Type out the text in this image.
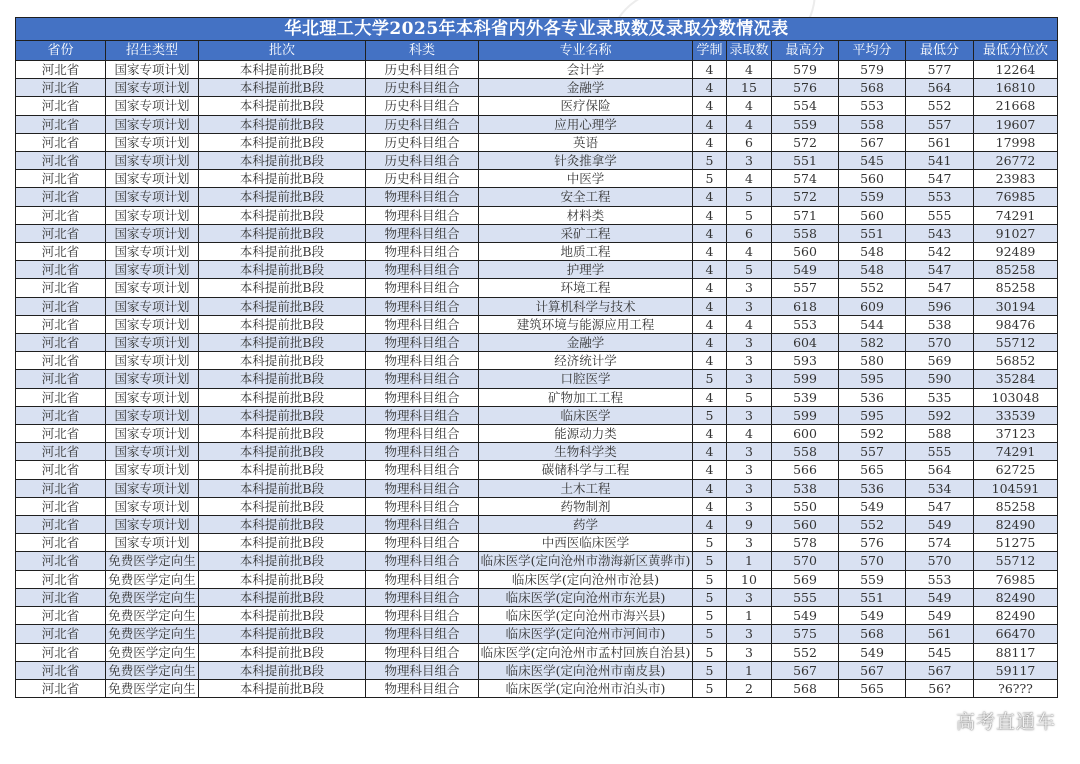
华北理工大学2025年本科省内外各专业录取数及录取分数情况表										
省份	招生类型	批次	科类	专业名称	学制	录取数	最高分	平均分	最低分	最低分位次
河北省	国家专项计划	本科提前批B段	历史科目组合	会计学	4	4	579	579	577	12264
河北省	国家专项计划	本科提前批B段	历史科目组合	金融学	4	15	576	568	564	16810
河北省	国家专项计划	本科提前批B段	历史科目组合	医疗保险	4	4	554	553	552	21668
河北省	国家专项计划	本科提前批B段	历史科目组合	应用心理学	4	4	559	558	557	19607
河北省	国家专项计划	本科提前批B段	历史科目组合	英语	4	6	572	567	561	17998
河北省	国家专项计划	本科提前批B段	历史科目组合	针灸推拿学	5	3	551	545	541	26772
河北省	国家专项计划	本科提前批B段	历史科目组合	中医学	5	4	574	560	547	23983
河北省	国家专项计划	本科提前批B段	物理科目组合	安全工程	4	5	572	559	553	76985
河北省	国家专项计划	本科提前批B段	物理科目组合	材料类	4	5	571	560	555	74291
河北省	国家专项计划	本科提前批B段	物理科目组合	采矿工程	4	6	558	551	543	91027
河北省	国家专项计划	本科提前批B段	物理科目组合	地质工程	4	4	560	548	542	92489
河北省	国家专项计划	本科提前批B段	物理科目组合	护理学	4	5	549	548	547	85258
河北省	国家专项计划	本科提前批B段	物理科目组合	环境工程	4	3	557	552	547	85258
河北省	国家专项计划	本科提前批B段	物理科目组合	计算机科学与技术	4	3	618	609	596	30194
河北省	国家专项计划	本科提前批B段	物理科目组合	建筑环境与能源应用工程	4	4	553	544	538	98476
河北省	国家专项计划	本科提前批B段	物理科目组合	金融学	4	3	604	582	570	55712
河北省	国家专项计划	本科提前批B段	物理科目组合	经济统计学	4	3	593	580	569	56852
河北省	国家专项计划	本科提前批B段	物理科目组合	口腔医学	5	3	599	595	590	35284
河北省	国家专项计划	本科提前批B段	物理科目组合	矿物加工工程	4	5	539	536	535	103048
河北省	国家专项计划	本科提前批B段	物理科目组合	临床医学	5	3	599	595	592	33539
河北省	国家专项计划	本科提前批B段	物理科目组合	能源动力类	4	4	600	592	588	37123
河北省	国家专项计划	本科提前批B段	物理科目组合	生物科学类	4	3	558	557	555	74291
河北省	国家专项计划	本科提前批B段	物理科目组合	碳储科学与工程	4	3	566	565	564	62725
河北省	国家专项计划	本科提前批B段	物理科目组合	土木工程	4	3	538	536	534	104591
河北省	国家专项计划	本科提前批B段	物理科目组合	药物制剂	4	3	550	549	547	85258
河北省	国家专项计划	本科提前批B段	物理科目组合	药学	4	9	560	552	549	82490
河北省	国家专项计划	本科提前批B段	物理科目组合	中西医临床医学	5	3	578	576	574	51275
河北省	免费医学定向生	本科提前批B段	物理科目组合	临床医学(定向沧州市渤海新区黄骅市)	5	1	570	570	570	55712
河北省	免费医学定向生	本科提前批B段	物理科目组合	临床医学(定向沧州市沧县)	5	10	569	559	553	76985
河北省	免费医学定向生	本科提前批B段	物理科目组合	临床医学(定向沧州市东光县)	5	3	555	551	549	82490
河北省	免费医学定向生	本科提前批B段	物理科目组合	临床医学(定向沧州市海兴县)	5	1	549	549	549	82490
河北省	免费医学定向生	本科提前批B段	物理科目组合	临床医学(定向沧州市河间市)	5	3	575	568	561	66470
河北省	免费医学定向生	本科提前批B段	物理科目组合	临床医学(定向沧州市孟村回族自治县)	5	3	552	549	545	88117
河北省	免费医学定向生	本科提前批B段	物理科目组合	临床医学(定向沧州市南皮县)	5	1	567	567	567	59117
河北省	免费医学定向生	本科提前批B段	物理科目组合	临床医学(定向沧州市泊头市)	5	2	568	565	56?	?6???
高考直通车
